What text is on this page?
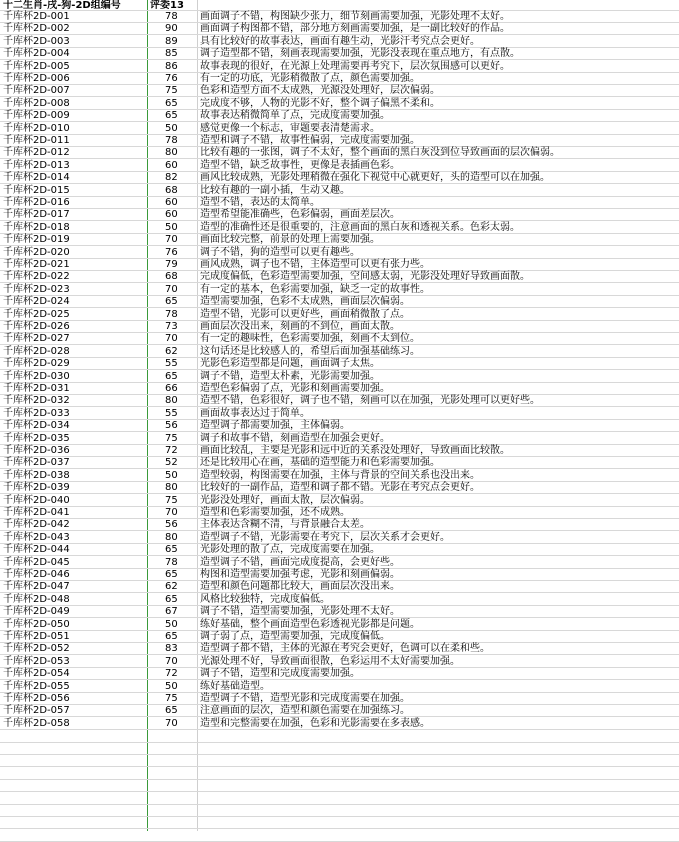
十二生肖-戌-狗-2D组编号	评委13
千库杯2D-001	78	画面调子不错，构图缺少张力，细节刻画需要加强，光影处理不太好。
千库杯2D-002	90	画面调子构图都不错，部分地方刻画需要加强，是一副比较好的作品。
千库杯2D-003	89	具有比较好的故事表达，画面有趣生动，光影汗考究点会更好。
千库杯2D-004	85	调子造型都不错，刻画表现需要加强，光影没表现在重点地方，有点散。
千库杯2D-005	86	故事表现的很好，在光源上处理需要再考究下，层次氛围感可以更好。
千库杯2D-006	76	有一定的功底，光影稍微散了点，颜色需要加强。
千库杯2D-007	75	色彩和造型方面不太成熟，光源没处理好，层次偏弱。
千库杯2D-008	65	完成度不够，人物的光影不好，整个调子偏黑不柔和。
千库杯2D-009	65	故事表达稍微简单了点，完成度需要加强。
千库杯2D-010	50	感觉更像一个标志，审题要表清楚需求。
千库杯2D-011	78	造型和调子不错，故事性偏弱，完成度需要加强。
千库杯2D-012	80	比较有趣的一张图，调子不太好，整个画面的黑白灰没到位导致画面的层次偏弱。
千库杯2D-013	60	造型不错，缺乏故事性，更像是表插画色彩。
千库杯2D-014	82	画风比较成熟，光影处理稍微在强化下视觉中心就更好，头的造型可以在加强。
千库杯2D-015	68	比较有趣的一副小插，生动又趣。
千库杯2D-016	60	造型不错，表达的太简单。
千库杯2D-017	60	造型希望能准确些，色彩偏弱，画面差层次。
千库杯2D-018	50	造型的准确性还是很重要的，注意画面的黑白灰和透视关系。色彩太弱。
千库杯2D-019	70	画面比较完整，前景的处理上需要加强。
千库杯2D-020	76	调子不错，狗的造型可以更有趣些。
千库杯2D-021	79	画风成熟，调子也不错，主体造型可以更有张力些。
千库杯2D-022	68	完成度偏低，色彩造型需要加强，空间感太弱，光影没处理好导致画面散。
千库杯2D-023	70	有一定的基本，色彩需要加强，缺乏一定的故事性。
千库杯2D-024	65	造型需要加强，色彩不太成熟，画面层次偏弱。
千库杯2D-025	78	造型不错，光影可以更好些，画面稍微散了点。
千库杯2D-026	73	画面层次没出来，刻画的不到位，画面太散。
千库杯2D-027	70	有一定的趣味性，色彩需要加强，刻画不太到位。
千库杯2D-028	62	这句话还是比较感人的，希望后面加强基础练习。
千库杯2D-029	55	光影色彩造型都是问题，画面调子太焦。
千库杯2D-030	65	调子不错，造型太朴素，光影需要加强。
千库杯2D-031	66	造型色彩偏弱了点，光影和刻画需要加强。
千库杯2D-032	80	造型不错，色彩很好，调子也不错，刻画可以在加强，光影处理可以更好些。
千库杯2D-033	55	画面故事表达过于简单。
千库杯2D-034	56	造型调子都需要加强，主体偏弱。
千库杯2D-035	75	调子和故事不错，刻画造型在加强会更好。
千库杯2D-036	72	画面比较乱，主要是光影和远中近的关系没处理好，导致画面比较散。
千库杯2D-037	52	还是比较用心在画，基础的造型能力和色彩需要加强。
千库杯2D-038	50	造型较弱，构图需要在加强，主体与背景的空间关系也没出来。
千库杯2D-039	80	比较好的一副作品，造型和调子都不错。光影在考究点会更好。
千库杯2D-040	75	光影没处理好，画面太散，层次偏弱。
千库杯2D-041	70	造型和色彩需要加强，还不成熟。
千库杯2D-042	56	主体表达含糊不清，与背景融合太差。
千库杯2D-043	80	造型调子不错，光影需要在考究下，层次关系才会更好。
千库杯2D-044	65	光影处理的散了点，完成度需要在加强。
千库杯2D-045	78	造型调子不错，画面完成度提高，会更好些。
千库杯2D-046	65	构图和造型需要加强考虑，光影和刻画偏弱。
千库杯2D-047	62	造型和颜色问题都比较大，画面层次没出来。
千库杯2D-048	65	风格比较独特，完成度偏低。
千库杯2D-049	67	调子不错，造型需要加强，光影处理不太好。
千库杯2D-050	50	练好基础，整个画面造型色彩透视光影都是问题。
千库杯2D-051	65	调子弱了点，造型需要加强，完成度偏低。
千库杯2D-052	83	造型调子都不错，主体的光源在考究会更好，色调可以在柔和些。
千库杯2D-053	70	光源处理不好，导致画面很散，色彩运用不太好需要加强。
千库杯2D-054	72	调子不错，造型和完成度需要加强。
千库杯2D-055	50	练好基础造型。
千库杯2D-056	75	造型调子不错，造型光影和完成度需要在加强。
千库杯2D-057	65	注意画面的层次，造型和颜色需要在加强练习。
千库杯2D-058	70	造型和完整需要在加强，色彩和光影需要在多表感。
